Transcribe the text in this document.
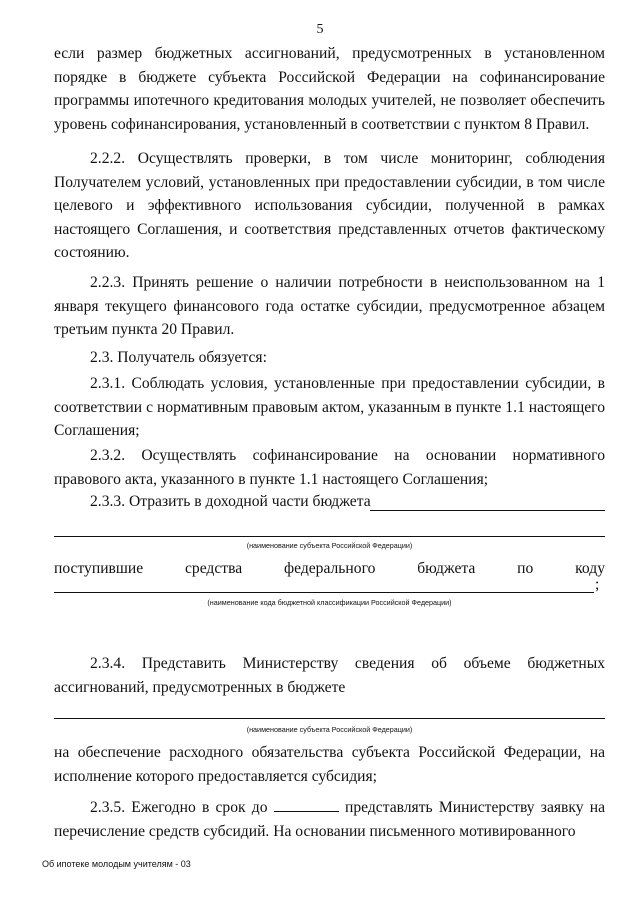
5

если размер бюджетных ассигнований, предусмотренных в установленном порядке в бюджете субъекта Российской Федерации на софинансирование программы ипотечного кредитования молодых учителей, не позволяет обеспечить уровень софинансирования, установленный в соответствии с пунктом 8 Правил.

2.2.2. Осуществлять проверки, в том числе мониторинг, соблюдения Получателем условий, установленных при предоставлении субсидии, в том числе целевого и эффективного использования субсидии, полученной в рамках настоящего Соглашения, и соответствия представленных отчетов фактическому состоянию.

2.2.3. Принять решение о наличии потребности в неиспользованном на 1 января текущего финансового года остатке субсидии, предусмотренное абзацем третьим пункта 20 Правил.

2.3. Получатель обязуется:

2.3.1. Соблюдать условия, установленные при предоставлении субсидии, в соответствии с нормативным правовым актом, указанным в пункте 1.1 настоящего Соглашения;

2.3.2. Осуществлять софинансирование на основании нормативного правового акта, указанного в пункте 1.1 настоящего Соглашения;

2.3.3. Отразить в доходной части бюджета

(наименование субъекта Российской Федерации)
поступившие	средства	федерального	бюджета	по	коду
;
(наименование кода бюджетной классификации Российской Федерации)

2.3.4. Представить Министерству сведения об объеме бюджетных ассигнований, предусмотренных в бюджете

(наименование субъекта Российской Федерации)

на обеспечение расходного обязательства субъекта Российской Федерации, на исполнение которого предоставляется субсидия;

2.3.5. Ежегодно в срок до	представлять Министерству заявку на перечисление средств субсидий. На основании письменного мотивированного

Об ипотеке молодым учителям - 03
